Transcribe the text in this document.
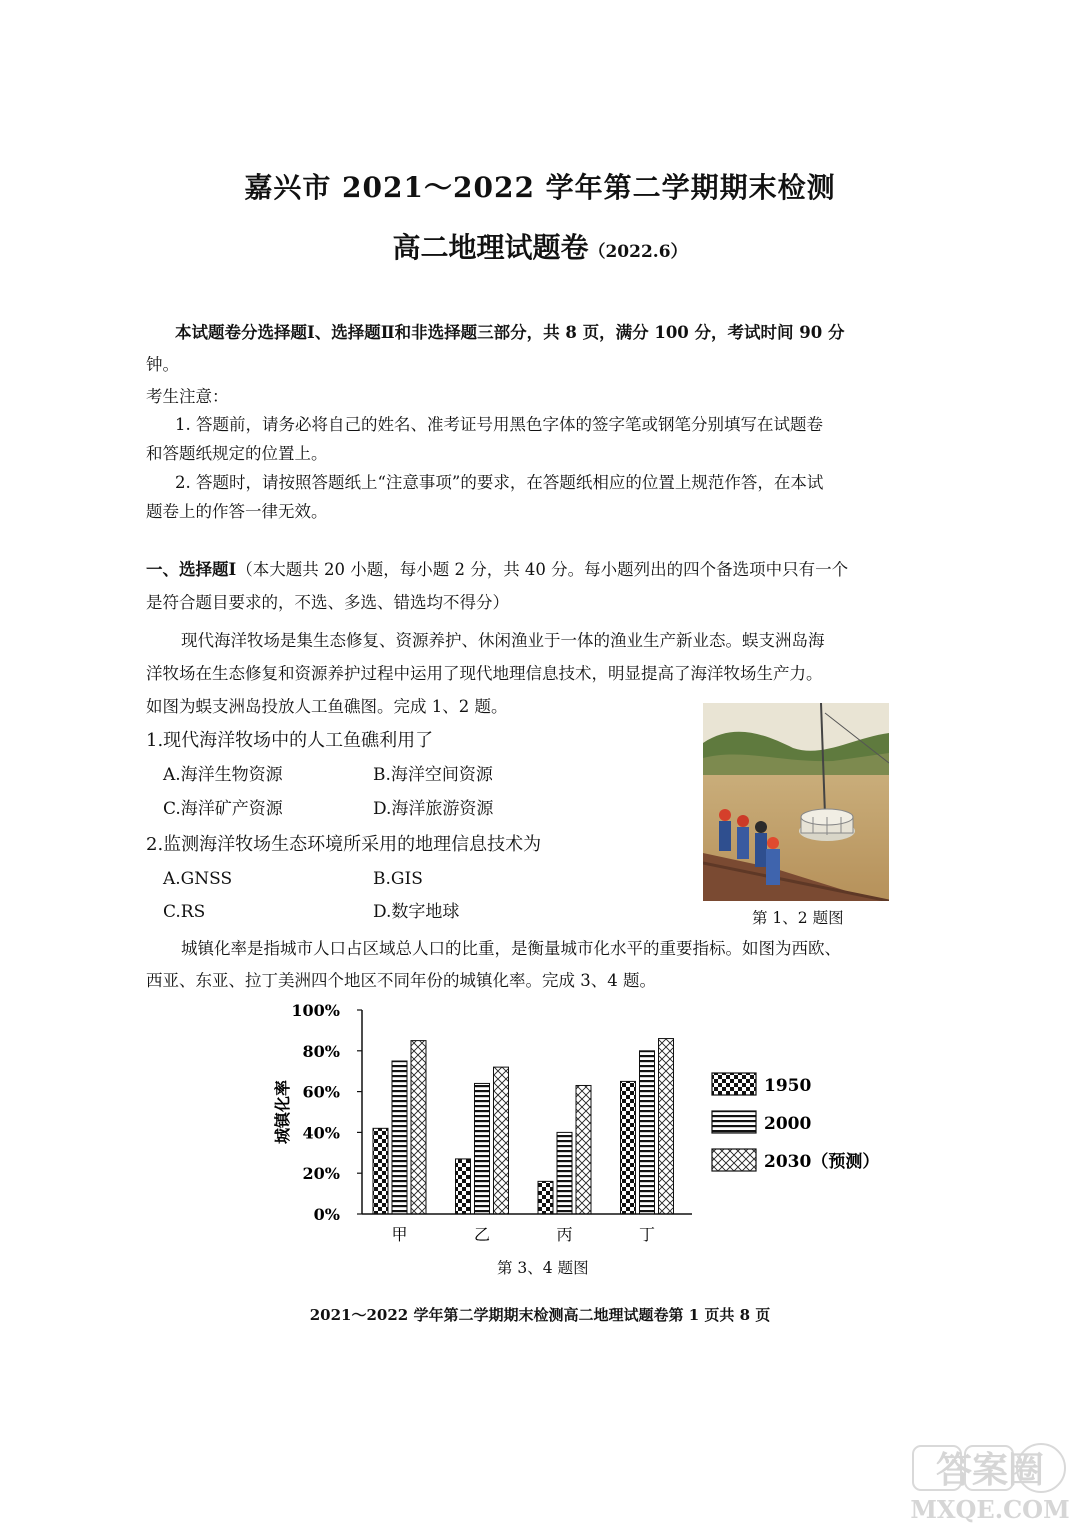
嘉兴市 2021～2022 学年第二学期期末检测
高二地理试题卷（2022.6）
本试题卷分选择题Ⅰ、选择题Ⅱ和非选择题三部分，共 8 页，满分 100 分，考试时间 90 分
钟。
考生注意：
1. 答题前，请务必将自己的姓名、准考证号用黑色字体的签字笔或钢笔分别填写在试题卷
和答题纸规定的位置上。
2. 答题时，请按照答题纸上“注意事项”的要求，在答题纸相应的位置上规范作答，在本试
题卷上的作答一律无效。
一、选择题Ⅰ（本大题共 20 小题，每小题 2 分，共 40 分。每小题列出的四个备选项中只有一个
是符合题目要求的，不选、多选、错选均不得分）
现代海洋牧场是集生态修复、资源养护、休闲渔业于一体的渔业生产新业态。蜈支洲岛海
洋牧场在生态修复和资源养护过程中运用了现代地理信息技术，明显提高了海洋牧场生产力。
如图为蜈支洲岛投放人工鱼礁图。完成 1、2 题。
1.现代海洋牧场中的人工鱼礁利用了
A.海洋生物资源	B.海洋空间资源
C.海洋矿产资源	D.海洋旅游资源
2.监测海洋牧场生态环境所采用的地理信息技术为
A.GNSS	B.GIS
C.RS	D.数字地球	第 1、2 题图
城镇化率是指城市人口占区域总人口的比重，是衡量城市化水平的重要指标。如图为西欧、
西亚、东亚、拉丁美洲四个地区不同年份的城镇化率。完成 3、4 题。
0%
20%
40%
60%
80%
100%
甲	乙	丙	丁
1950
2000
2030（预测）
城镇化率
第 3、4 题图
2021～2022 学年第二学期期末检测高二地理试题卷第 1 页共 8 页
答案圈
MXQE.COM
